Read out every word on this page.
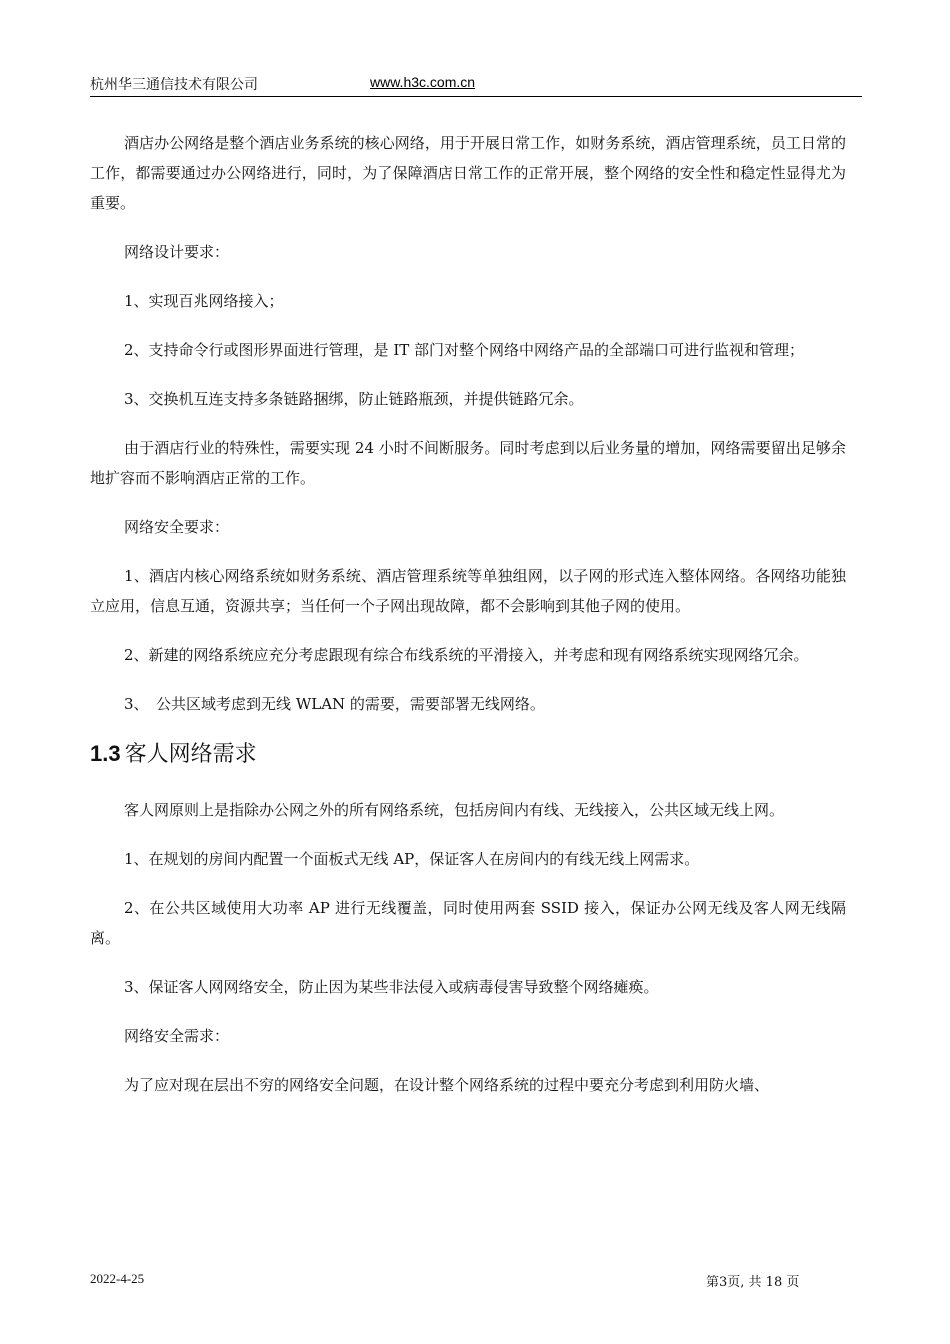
杭州华三通信技术有限公司	www.h3c.com.cn

酒店办公网络是整个酒店业务系统的核心网络，用于开展日常工作，如财务系统，酒店管理系统，员工日常的工作，都需要通过办公网络进行，同时，为了保障酒店日常工作的正常开展，整个网络的安全性和稳定性显得尤为重要。

网络设计要求：

1、实现百兆网络接入；

2、支持命令行或图形界面进行管理，是 IT 部门对整个网络中网络产品的全部端口可进行监视和管理；

3、交换机互连支持多条链路捆绑，防止链路瓶颈，并提供链路冗余。

由于酒店行业的特殊性，需要实现 24 小时不间断服务。同时考虑到以后业务量的增加，网络需要留出足够余地扩容而不影响酒店正常的工作。

网络安全要求：

1、酒店内核心网络系统如财务系统、酒店管理系统等单独组网，以子网的形式连入整体网络。各网络功能独立应用，信息互通，资源共享；当任何一个子网出现故障，都不会影响到其他子网的使用。

2、新建的网络系统应充分考虑跟现有综合布线系统的平滑接入，并考虑和现有网络系统实现网络冗余。

3、　公共区域考虑到无线 WLAN 的需要，需要部署无线网络。

1.3 客人网络需求

客人网原则上是指除办公网之外的所有网络系统，包括房间内有线、无线接入，公共区域无线上网。

1、在规划的房间内配置一个面板式无线 AP，保证客人在房间内的有线无线上网需求。

2、在公共区域使用大功率 AP 进行无线覆盖，同时使用两套 SSID 接入，保证办公网无线及客人网无线隔离。

3、保证客人网网络安全，防止因为某些非法侵入或病毒侵害导致整个网络瘫痪。

网络安全需求：

为了应对现在层出不穷的网络安全问题，在设计整个网络系统的过程中要充分考虑到利用防火墙、

2022-4-25	第3页, 共 18 页
